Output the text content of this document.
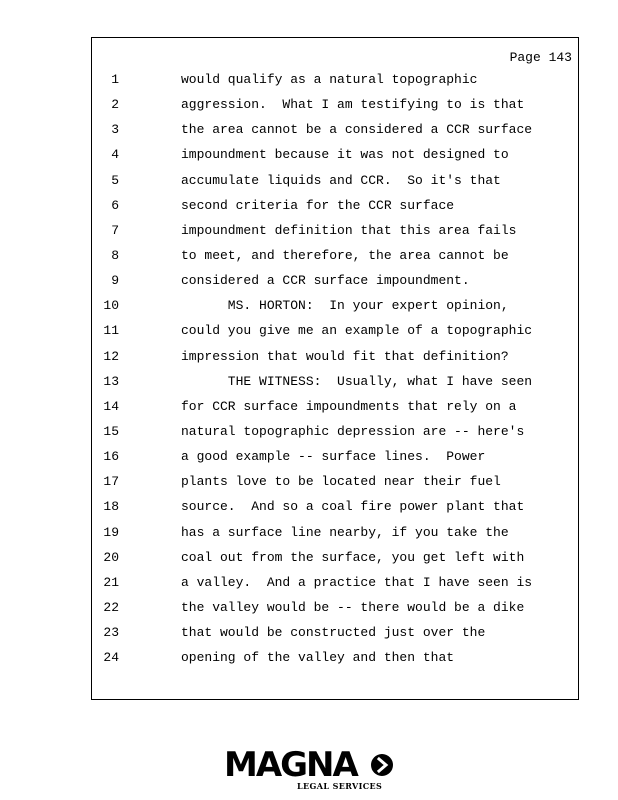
Page 143
1	would qualify as a natural topographic
2	aggression.  What I am testifying to is that
3	the area cannot be a considered a CCR surface
4	impoundment because it was not designed to
5	accumulate liquids and CCR.  So it's that
6	second criteria for the CCR surface
7	impoundment definition that this area fails
8	to meet, and therefore, the area cannot be
9	considered a CCR surface impoundment.
10	MS. HORTON:  In your expert opinion,
11	could you give me an example of a topographic
12	impression that would fit that definition?
13	THE WITNESS:  Usually, what I have seen
14	for CCR surface impoundments that rely on a
15	natural topographic depression are -- here's
16	a good example -- surface lines.  Power
17	plants love to be located near their fuel
18	source.  And so a coal fire power plant that
19	has a surface line nearby, if you take the
20	coal out from the surface, you get left with
21	a valley.  And a practice that I have seen is
22	the valley would be -- there would be a dike
23	that would be constructed just over the
24	opening of the valley and then that
MAGNA
LEGAL SERVICES
